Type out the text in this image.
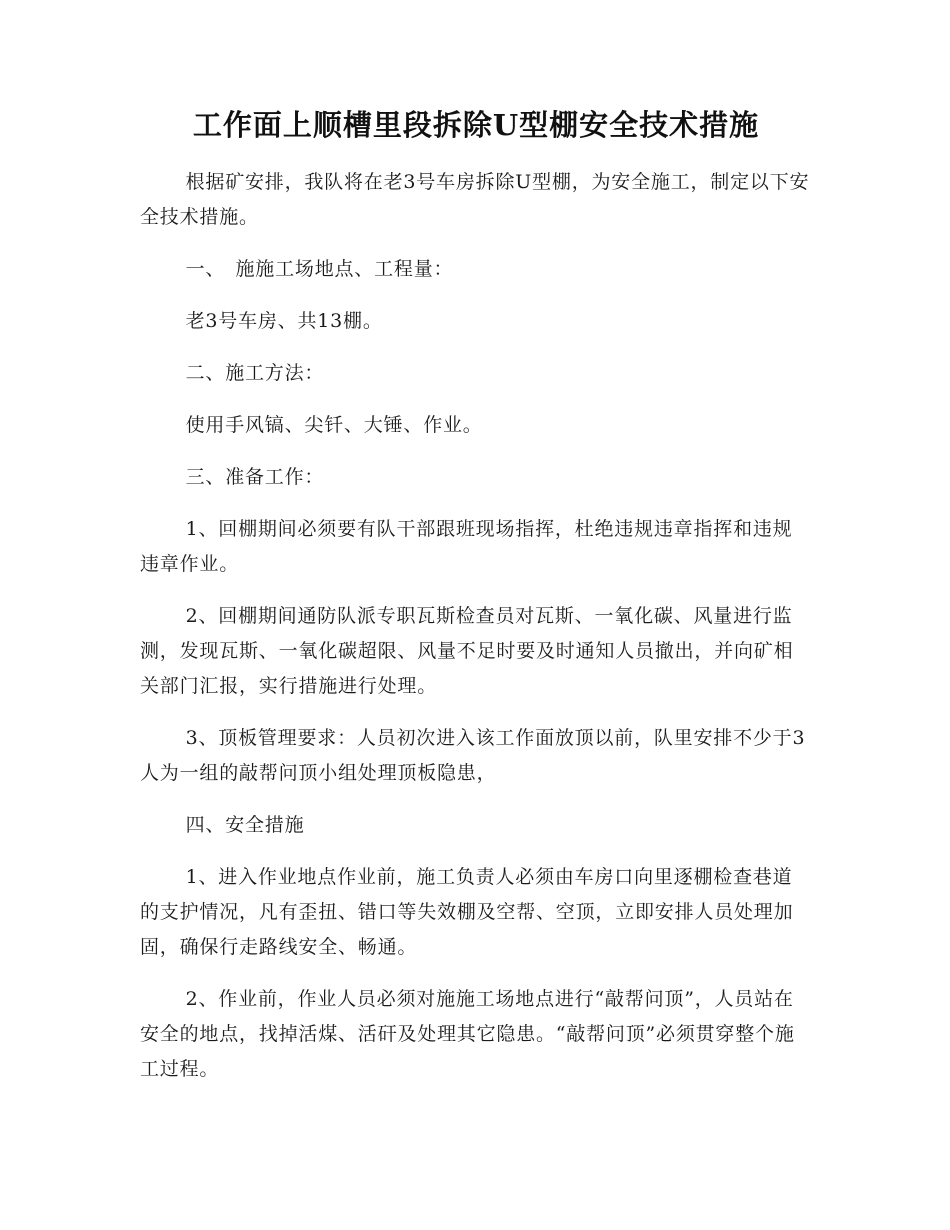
工作面上顺槽里段拆除U型棚安全技术措施

根据矿安排，我队将在老3号车房拆除U型棚，为安全施工，制定以下安全技术措施。

一、　施施工场地点、工程量：

老3号车房、共13棚。

二、施工方法：

使用手风镐、尖钎、大锤、作业。

三、准备工作：

1、回棚期间必须要有队干部跟班现场指挥，杜绝违规违章指挥和违规违章作业。

2、回棚期间通防队派专职瓦斯检查员对瓦斯、一氧化碳、风量进行监测，发现瓦斯、一氧化碳超限、风量不足时要及时通知人员撤出，并向矿相关部门汇报，实行措施进行处理。

3、顶板管理要求：人员初次进入该工作面放顶以前，队里安排不少于3人为一组的敲帮问顶小组处理顶板隐患，

四、安全措施

1、进入作业地点作业前，施工负责人必须由车房口向里逐棚检查巷道的支护情况，凡有歪扭、错口等失效棚及空帮、空顶，立即安排人员处理加固，确保行走路线安全、畅通。

2、作业前，作业人员必须对施施工场地点进行“敲帮问顶”，人员站在安全的地点，找掉活煤、活矸及处理其它隐患。“敲帮问顶”必须贯穿整个施工过程。
